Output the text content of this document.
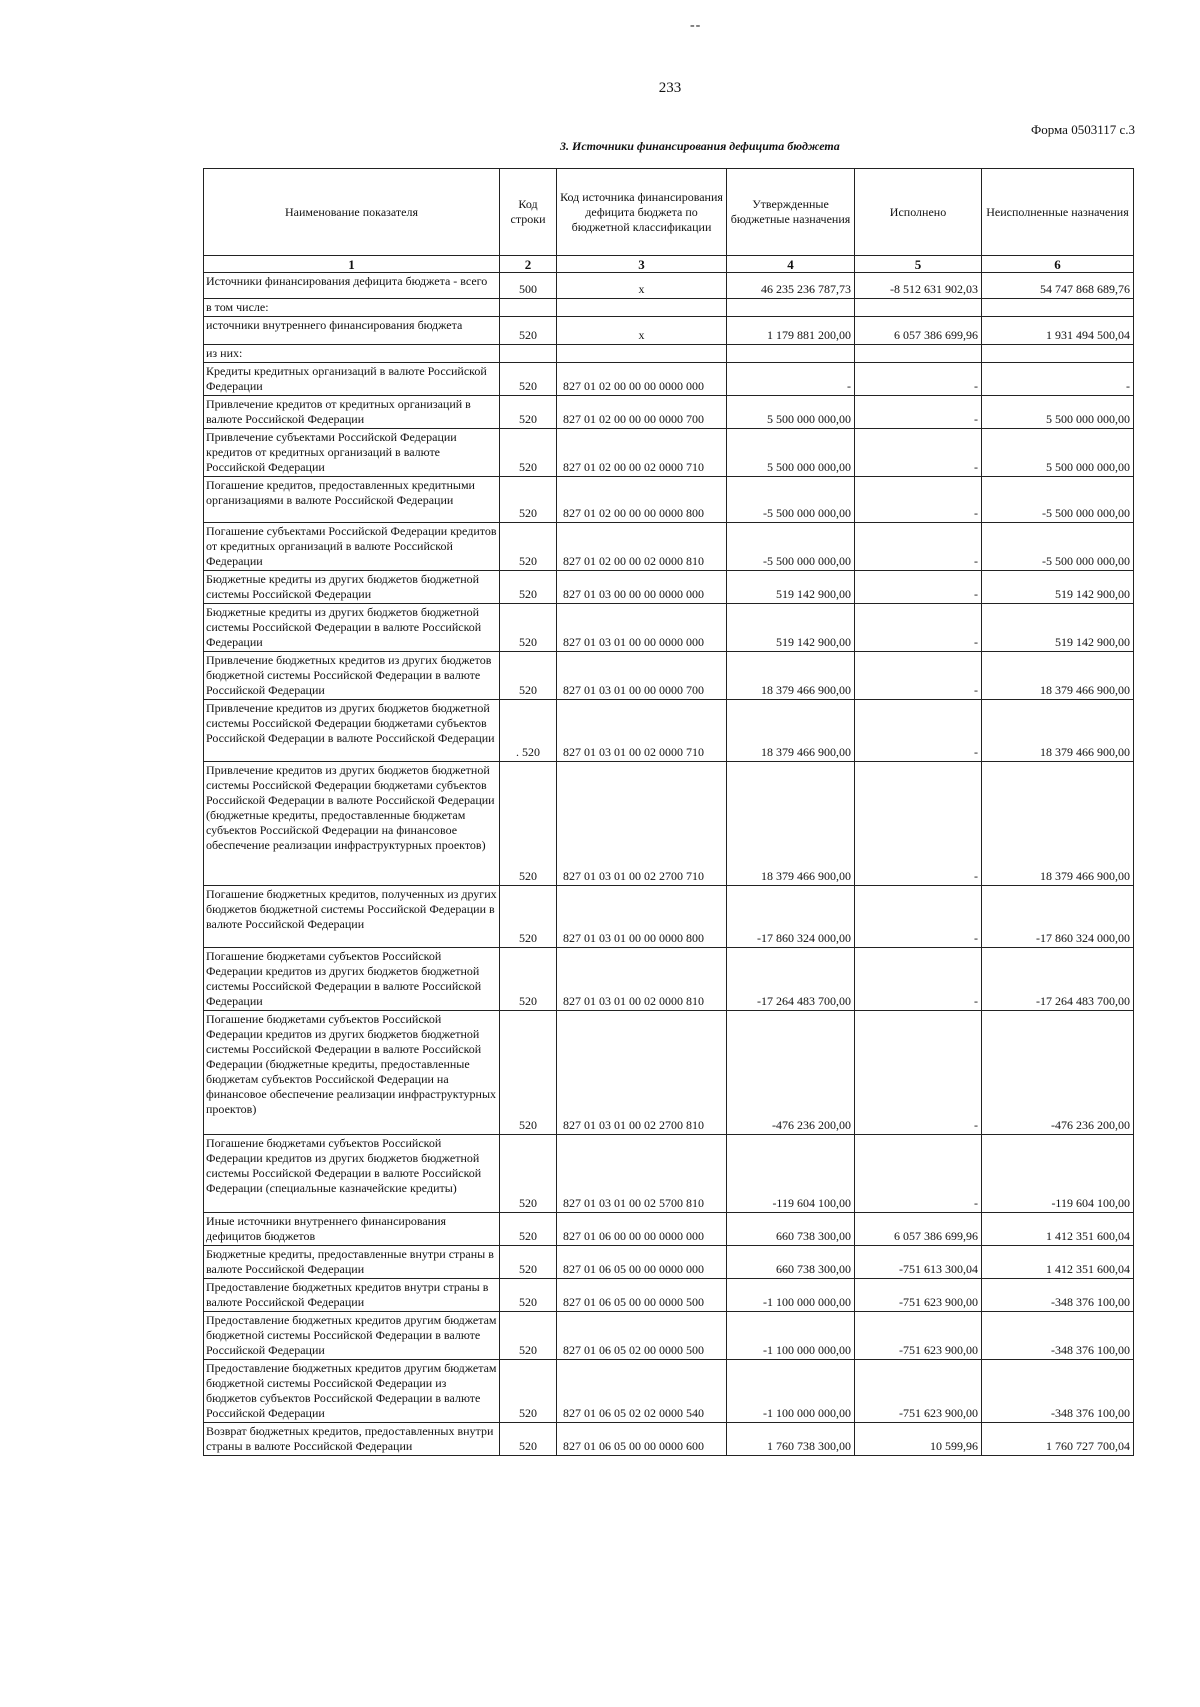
--
233
Форма 0503117 с.3
3. Источники финансирования дефицита бюджета
Наименование показателя	Код строки	Код источника финансирования дефицита бюджета по бюджетной классификации	Утвержденные бюджетные назначения	Исполнено	Неисполненные назначения
1	2	3	4	5	6
Источники финансирования дефицита бюджета - всего	500	x	46 235 236 787,73	-8 512 631 902,03	54 747 868 689,76
в том числе:					
источники внутреннего финансирования бюджета	520	x	1 179 881 200,00	6 057 386 699,96	1 931 494 500,04
из них:					
Кредиты кредитных организаций в валюте Российской Федерации	520	827 01 02 00 00 00 0000 000	-	-	-
Привлечение кредитов от кредитных организаций в валюте Российской Федерации	520	827 01 02 00 00 00 0000 700	5 500 000 000,00	-	5 500 000 000,00
Привлечение субъектами Российской Федерации кредитов от кредитных организаций в валюте Российской Федерации	520	827 01 02 00 00 02 0000 710	5 500 000 000,00	-	5 500 000 000,00
Погашение кредитов, предоставленных кредитными организациями в валюте Российской Федерации	520	827 01 02 00 00 00 0000 800	-5 500 000 000,00	-	-5 500 000 000,00
Погашение субъектами Российской Федерации кредитов от кредитных организаций в валюте Российской Федерации	520	827 01 02 00 00 02 0000 810	-5 500 000 000,00	-	-5 500 000 000,00
Бюджетные кредиты из других бюджетов бюджетной системы Российской Федерации	520	827 01 03 00 00 00 0000 000	519 142 900,00	-	519 142 900,00
Бюджетные кредиты из других бюджетов бюджетной системы Российской Федерации в валюте Российской Федерации	520	827 01 03 01 00 00 0000 000	519 142 900,00	-	519 142 900,00
Привлечение бюджетных кредитов из других бюджетов бюджетной системы Российской Федерации в валюте Российской Федерации	520	827 01 03 01 00 00 0000 700	18 379 466 900,00	-	18 379 466 900,00
Привлечение кредитов из других бюджетов бюджетной системы Российской Федерации бюджетами субъектов Российской Федерации в валюте Российской Федерации	. 520	827 01 03 01 00 02 0000 710	18 379 466 900,00	-	18 379 466 900,00
Привлечение кредитов из других бюджетов бюджетной системы Российской Федерации бюджетами субъектов Российской Федерации в валюте Российской Федерации (бюджетные кредиты, предоставленные бюджетам субъектов Российской Федерации на финансовое обеспечение реализации инфраструктурных проектов)	520	827 01 03 01 00 02 2700 710	18 379 466 900,00	-	18 379 466 900,00
Погашение бюджетных кредитов, полученных из других бюджетов бюджетной системы Российской Федерации в валюте Российской Федерации	520	827 01 03 01 00 00 0000 800	-17 860 324 000,00	-	-17 860 324 000,00
Погашение бюджетами субъектов Российской Федерации кредитов из других бюджетов бюджетной системы Российской Федерации в валюте Российской Федерации	520	827 01 03 01 00 02 0000 810	-17 264 483 700,00	-	-17 264 483 700,00
Погашение бюджетами субъектов Российской Федерации кредитов из других бюджетов бюджетной системы Российской Федерации в валюте Российской Федерации (бюджетные кредиты, предоставленные бюджетам субъектов Российской Федерации на финансовое обеспечение реализации инфраструктурных проектов)	520	827 01 03 01 00 02 2700 810	-476 236 200,00	-	-476 236 200,00
Погашение бюджетами субъектов Российской Федерации кредитов из других бюджетов бюджетной системы Российской Федерации в валюте Российской Федерации (специальные казначейские кредиты)	520	827 01 03 01 00 02 5700 810	-119 604 100,00	-	-119 604 100,00
Иные источники внутреннего финансирования дефицитов бюджетов	520	827 01 06 00 00 00 0000 000	660 738 300,00	6 057 386 699,96	1 412 351 600,04
Бюджетные кредиты, предоставленные внутри страны в валюте Российской Федерации	520	827 01 06 05 00 00 0000 000	660 738 300,00	-751 613 300,04	1 412 351 600,04
Предоставление бюджетных кредитов внутри страны в валюте Российской Федерации	520	827 01 06 05 00 00 0000 500	-1 100 000 000,00	-751 623 900,00	-348 376 100,00
Предоставление бюджетных кредитов другим бюджетам бюджетной системы Российской Федерации в валюте Российской Федерации	520	827 01 06 05 02 00 0000 500	-1 100 000 000,00	-751 623 900,00	-348 376 100,00
Предоставление бюджетных кредитов другим бюджетам бюджетной системы Российской Федерации из бюджетов субъектов Российской Федерации в валюте Российской Федерации	520	827 01 06 05 02 02 0000 540	-1 100 000 000,00	-751 623 900,00	-348 376 100,00
Возврат бюджетных кредитов, предоставленных внутри страны в валюте Российской Федерации	520	827 01 06 05 00 00 0000 600	1 760 738 300,00	10 599,96	1 760 727 700,04
